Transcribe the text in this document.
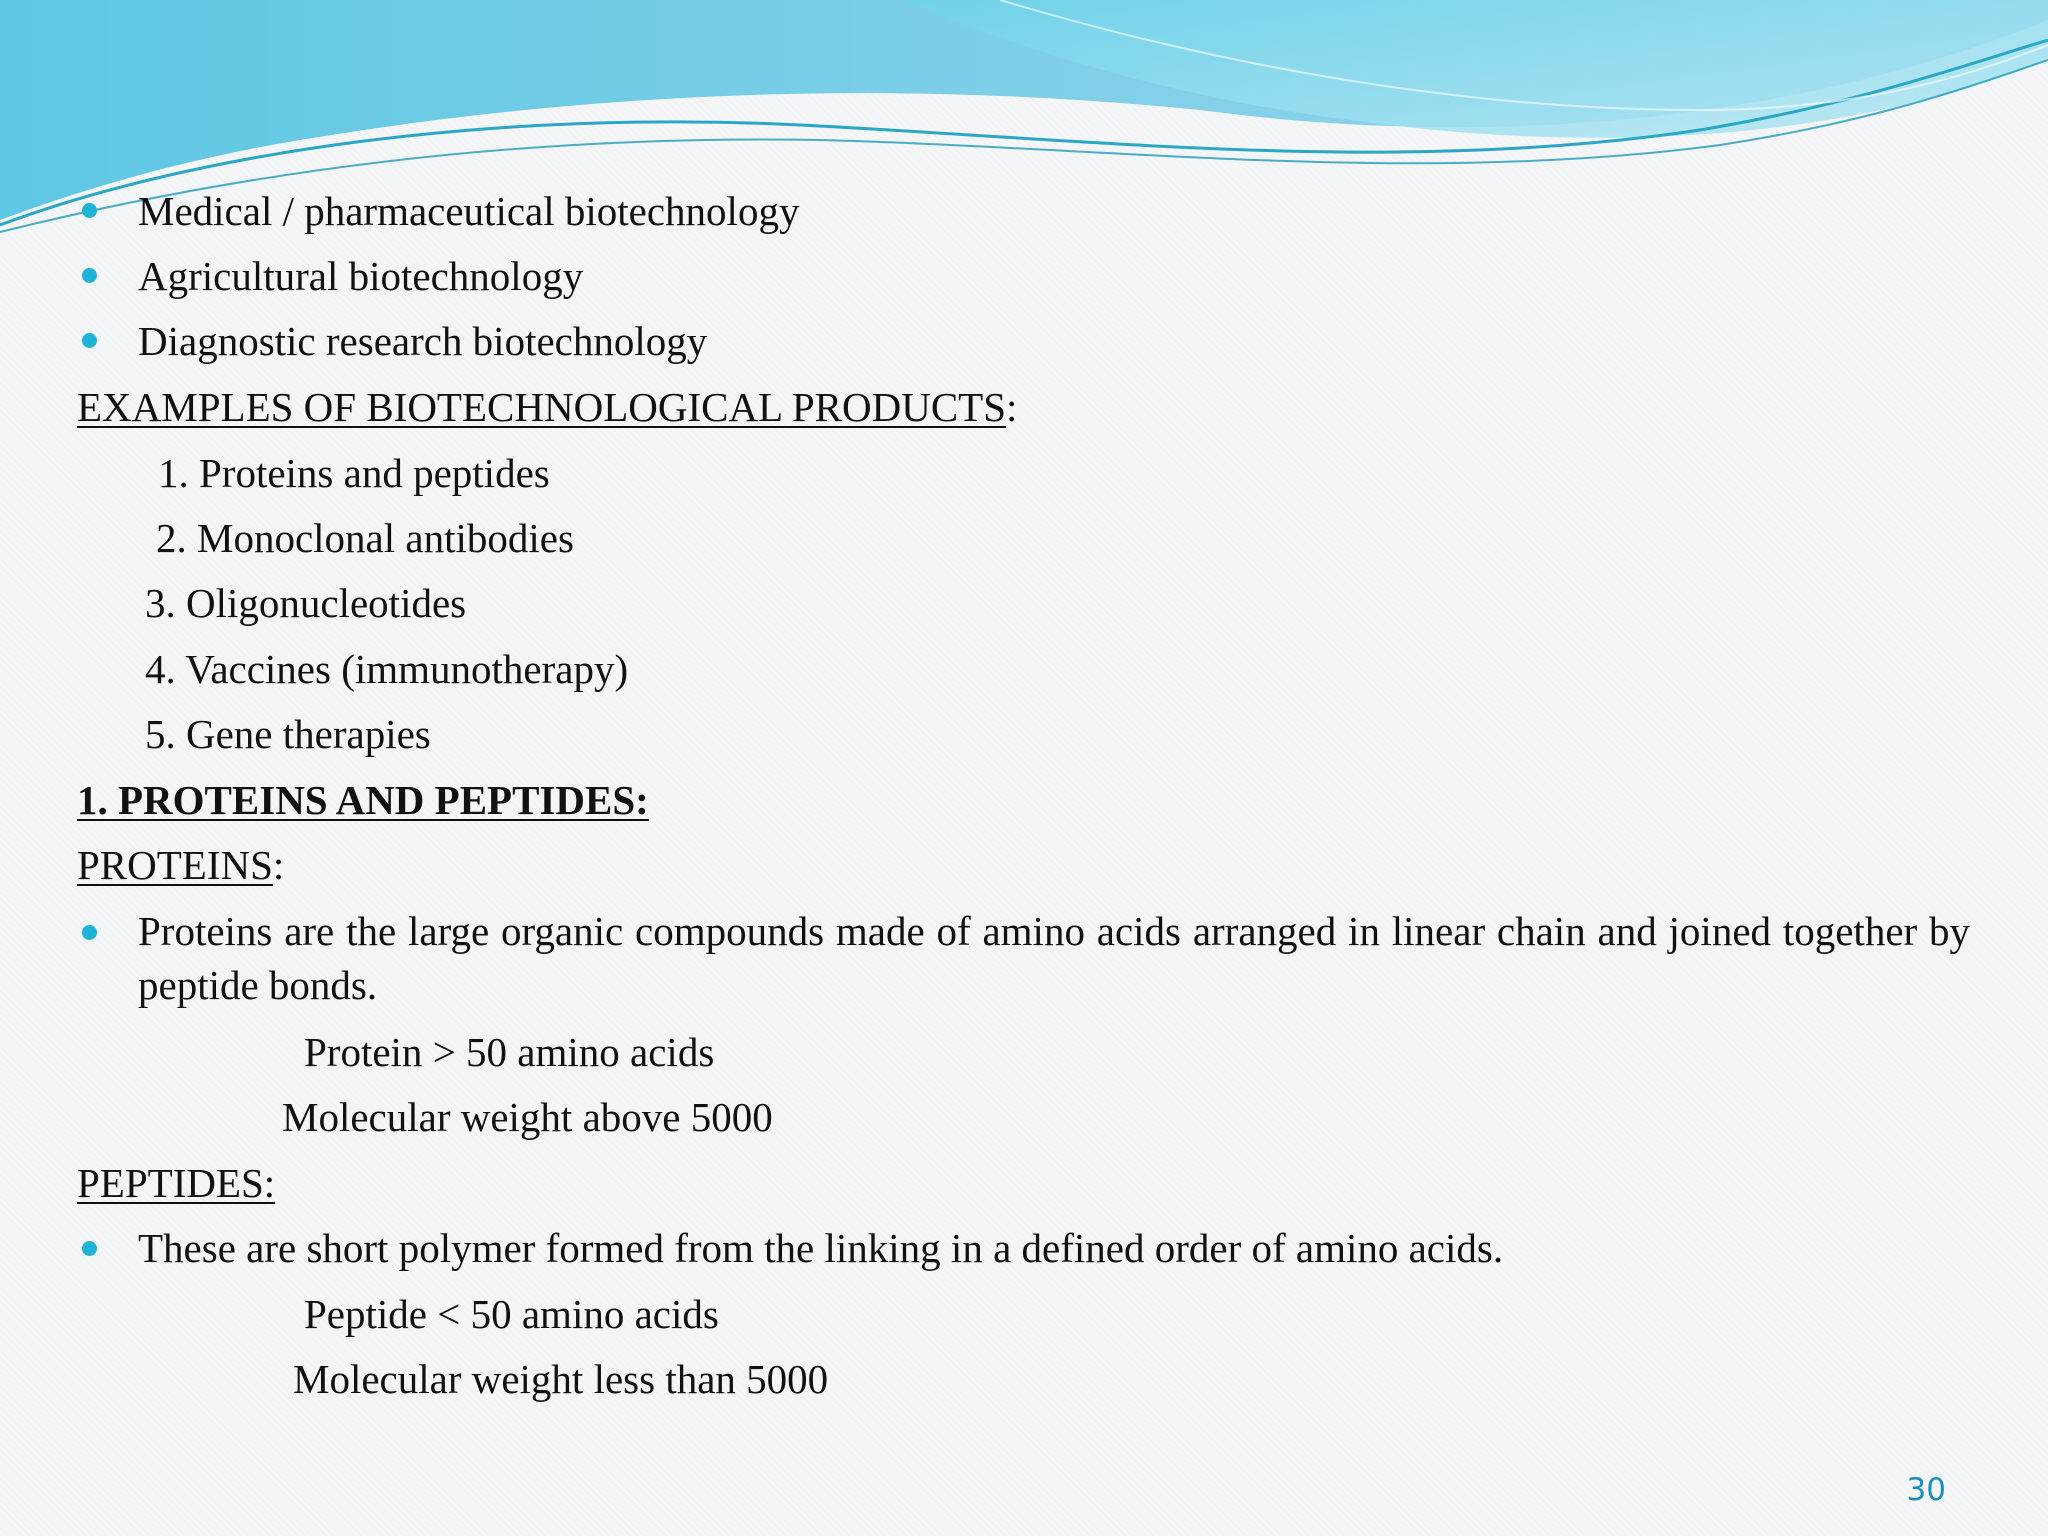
Medical / pharmaceutical biotechnology
Agricultural biotechnology
Diagnostic research biotechnology
EXAMPLES OF BIOTECHNOLOGICAL PRODUCTS:
1. Proteins and peptides
2. Monoclonal antibodies
3. Oligonucleotides
4. Vaccines (immunotherapy)
5. Gene therapies
1. PROTEINS AND PEPTIDES:
PROTEINS:
Proteins are the large organic compounds made of amino acids arranged in linear chain and joined together by peptide bonds.
Protein > 50 amino acids
Molecular weight above 5000
PEPTIDES:
These are short polymer formed from the linking in a defined order of amino acids.
Peptide < 50 amino acids
Molecular weight less than 5000
30
